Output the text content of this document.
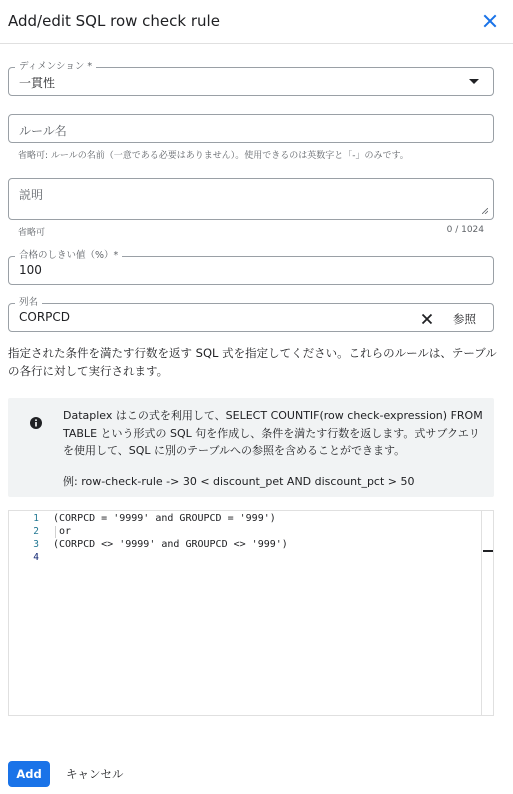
Add/edit SQL row check rule
ディメンション *
一貫性
ルール名
省略可: ルールの名前（一意である必要はありません）。使用できるのは英数字と「-」のみです。
説明
省略可	0 / 1024
合格のしきい値（%）*
100
列名
CORPCD	参照
指定された条件を満たす行数を返す SQL 式を指定してください。これらのルールは、テーブルの各行に対して実行されます。
Dataplex はこの式を利用して、SELECT COUNTIF(row check-expression) FROM TABLE という形式の SQL 句を作成し、条件を満たす行数を返します。式サブクエリを使用して、SQL に別のテーブルへの参照を含めることができます。
例: row-check-rule -> 30 < discount_pet AND discount_pct > 50
1
2
3
4
(CORPCD = '9999' and GROUPCD = '999')
or
(CORPCD <> '9999' and GROUPCD <> '999')
Add	キャンセル
